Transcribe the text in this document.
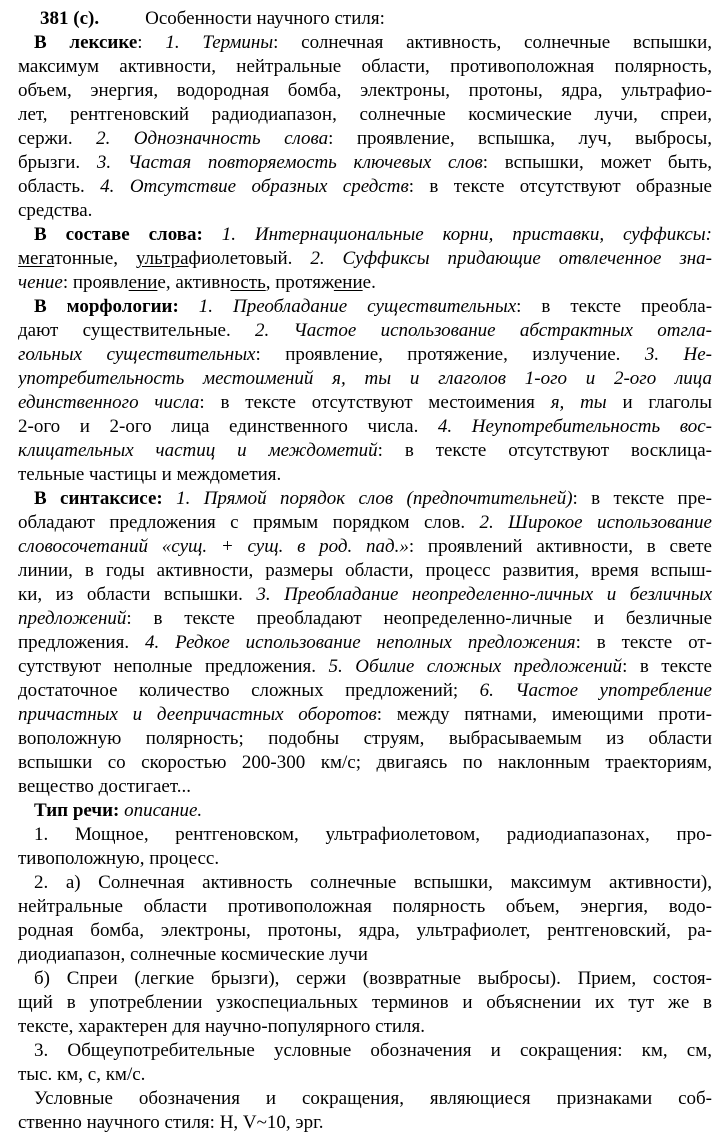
381 (с). Особенности научного стиля:
В лексике: 1. Термины: солнечная активность, солнечные вспышки,
максимум активности, нейтральные области, противоположная полярность,
объем, энергия, водородная бомба, электроны, протоны, ядра, ультрафио-
лет, рентгеновский радиодиапазон, солнечные космические лучи, спреи,
сержи. 2. Однозначность слова: проявление, вспышка, луч, выбросы,
брызги. 3. Частая повторяемость ключевых слов: вспышки, может быть,
область. 4. Отсутствие образных средств: в тексте отсутствуют образные
средства.
В составе слова: 1. Интернациональные корни, приставки, суффиксы:
мегатонные, ультрафиолетовый. 2. Суффиксы придающие отвлеченное зна-
чение: проявление, активность, протяжение.
В морфологии: 1. Преобладание существительных: в тексте преобла-
дают существительные. 2. Частое использование абстрактных отгла-
гольных существительных: проявление, протяжение, излучение. 3. Не-
употребительность местоимений я, ты и глаголов 1-ого и 2-ого лица
единственного числа: в тексте отсутствуют местоимения я, ты и глаголы
2-ого и 2-ого лица единственного числа. 4. Неупотребительность вос-
клицательных частиц и междометий: в тексте отсутствуют восклица-
тельные частицы и междометия.
В синтаксисе: 1. Прямой порядок слов (предпочтительней): в тексте пре-
обладают предложения с прямым порядком слов. 2. Широкое использование
словосочетаний «сущ. + сущ. в род. пад.»: проявлений активности, в свете
линии, в годы активности, размеры области, процесс развития, время вспыш-
ки, из области вспышки. 3. Преобладание неопределенно-личных и безличных
предложений: в тексте преобладают неопределенно-личные и безличные
предложения. 4. Редкое использование неполных предложения: в тексте от-
сутствуют неполные предложения. 5. Обилие сложных предложений: в тексте
достаточное количество сложных предложений; 6. Частое употребление
причастных и деепричастных оборотов: между пятнами, имеющими проти-
воположную полярность; подобны струям, выбрасываемым из области
вспышки со скоростью 200-300 км/с; двигаясь по наклонным траекториям,
вещество достигает...
Тип речи: описание.
1. Мощное, рентгеновском, ультрафиолетовом, радиодиапазонах, про-
тивоположную, процесс.
2. а) Солнечная активность солнечные вспышки, максимум активности),
нейтральные области противоположная полярность объем, энергия, водо-
родная бомба, электроны, протоны, ядра, ультрафиолет, рентгеновский, ра-
диодиапазон, солнечные космические лучи
б) Спреи (легкие брызги), сержи (возвратные выбросы). Прием, состоя-
щий в употреблении узкоспециальных терминов и объяснении их тут же в
тексте, характерен для научно-популярного стиля.
3. Общеупотребительные условные обозначения и сокращения: км, см,
тыс. км, с, км/с.
Условные обозначения и сокращения, являющиеся признаками соб-
ственно научного стиля: Н, V~10, эрг.
